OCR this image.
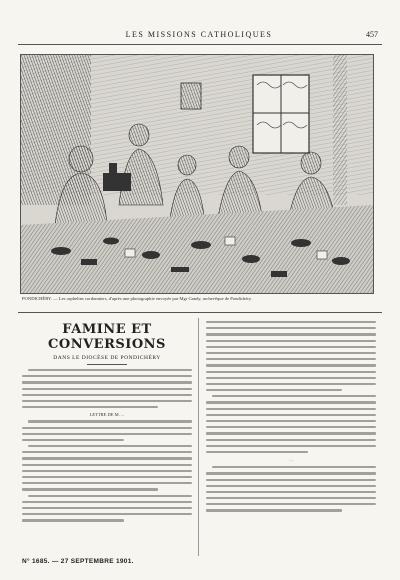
LES MISSIONS CATHOLIQUES	457
PONDICHÉRY. — Les orphelins cordonniers, d'après une photographie envoyée par Mgr Gandy, archevêque de Pondichéry.
FAMINE ET CONVERSIONS
DANS LE DIOCÈSE DE PONDICHÉRY
LETTRE DE M. ...
...
N° 1685. — 27 SEPTEMBRE 1901.
